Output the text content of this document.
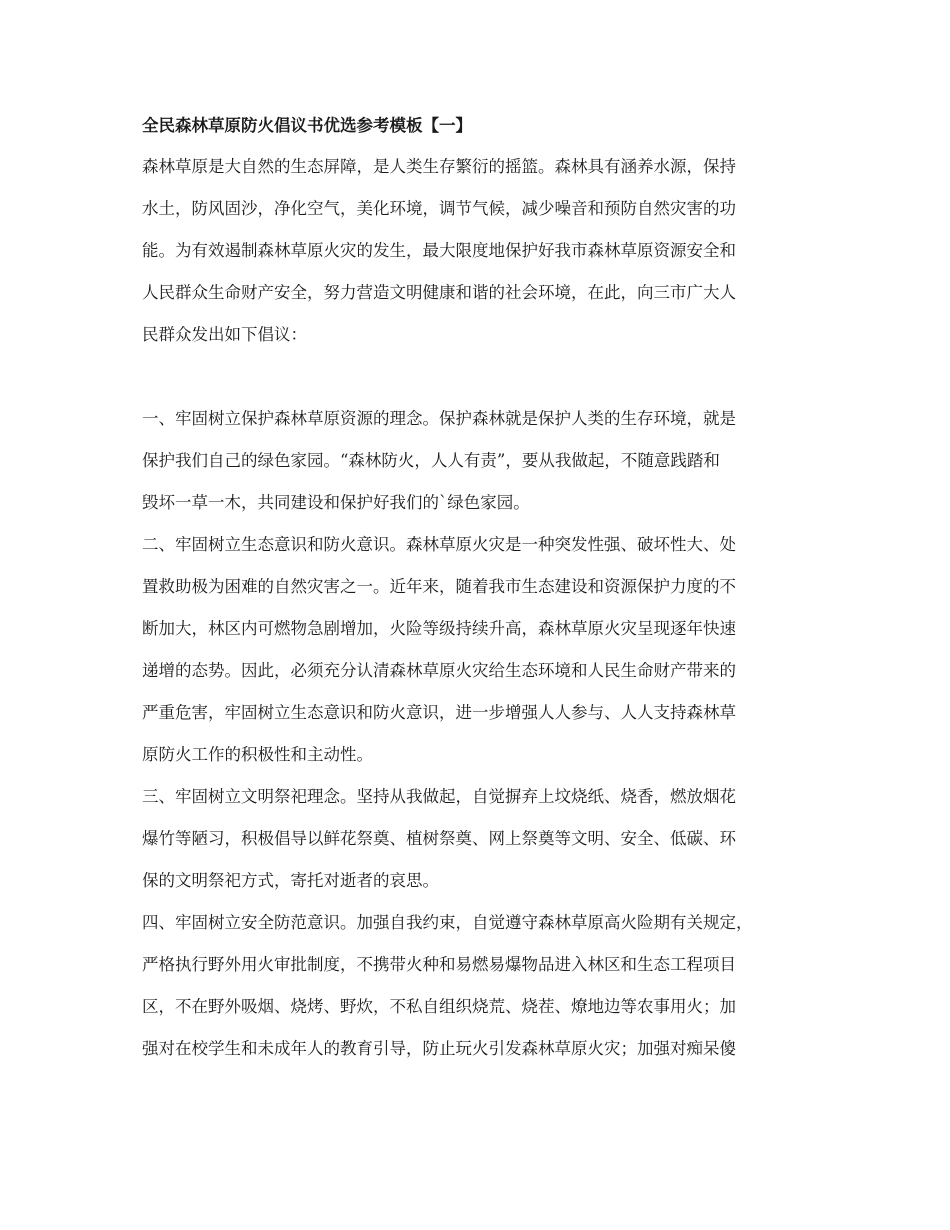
全民森林草原防火倡议书优选参考模板【一】
森林草原是大自然的生态屏障，是人类生存繁衍的摇篮。森林具有涵养水源，保持
水土，防风固沙，净化空气，美化环境，调节气候，减少噪音和预防自然灾害的功
能。为有效遏制森林草原火灾的发生，最大限度地保护好我市森林草原资源安全和
人民群众生命财产安全，努力营造文明健康和谐的社会环境，在此，向三市广大人
民群众发出如下倡议：
一、牢固树立保护森林草原资源的理念。保护森林就是保护人类的生存环境，就是
保护我们自己的绿色家园。“森林防火，人人有责”，要从我做起，不随意践踏和
毁坏一草一木，共同建设和保护好我们的`绿色家园。
二、牢固树立生态意识和防火意识。森林草原火灾是一种突发性强、破坏性大、处
置救助极为困难的自然灾害之一。近年来，随着我市生态建设和资源保护力度的不
断加大，林区内可燃物急剧增加，火险等级持续升高，森林草原火灾呈现逐年快速
递增的态势。因此，必须充分认清森林草原火灾给生态环境和人民生命财产带来的
严重危害，牢固树立生态意识和防火意识，进一步增强人人参与、人人支持森林草
原防火工作的积极性和主动性。
三、牢固树立文明祭祀理念。坚持从我做起，自觉摒弃上坟烧纸、烧香，燃放烟花
爆竹等陋习，积极倡导以鲜花祭奠、植树祭奠、网上祭奠等文明、安全、低碳、环
保的文明祭祀方式，寄托对逝者的哀思。
四、牢固树立安全防范意识。加强自我约束，自觉遵守森林草原高火险期有关规定，
严格执行野外用火审批制度，不携带火种和易燃易爆物品进入林区和生态工程项目
区，不在野外吸烟、烧烤、野炊，不私自组织烧荒、烧茬、燎地边等农事用火；加
强对在校学生和未成年人的教育引导，防止玩火引发森林草原火灾；加强对痴呆傻
